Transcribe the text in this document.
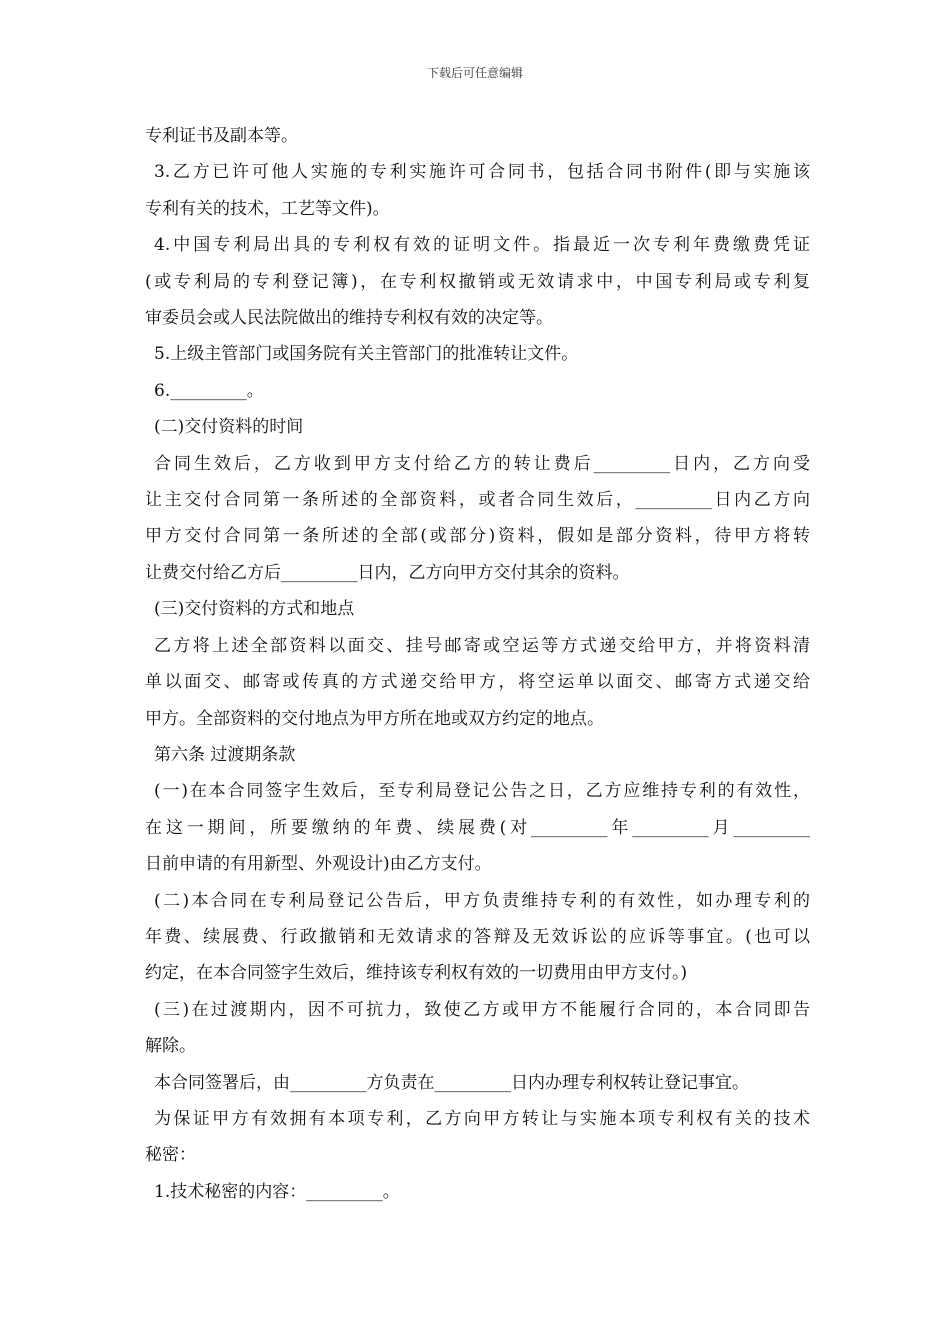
下载后可任意编辑

专利证书及副本等。

3.乙方已许可他人实施的专利实施许可合同书，包括合同书附件(即与实施该

专利有关的技术，工艺等文件)。

4.中国专利局出具的专利权有效的证明文件。指最近一次专利年费缴费凭证

(或专利局的专利登记簿)，在专利权撤销或无效请求中，中国专利局或专利复

审委员会或人民法院做出的维持专利权有效的决定等。

5.上级主管部门或国务院有关主管部门的批准转让文件。

6._________。

(二)交付资料的时间

合同生效后，乙方收到甲方支付给乙方的转让费后_________日内，乙方向受

让主交付合同第一条所述的全部资料，或者合同生效后，_________日内乙方向

甲方交付合同第一条所述的全部(或部分)资料，假如是部分资料，待甲方将转

让费交付给乙方后_________日内，乙方向甲方交付其余的资料。

(三)交付资料的方式和地点

乙方将上述全部资料以面交、挂号邮寄或空运等方式递交给甲方，并将资料清

单以面交、邮寄或传真的方式递交给甲方，将空运单以面交、邮寄方式递交给

甲方。全部资料的交付地点为甲方所在地或双方约定的地点。

第六条 过渡期条款

(一)在本合同签字生效后，至专利局登记公告之日，乙方应维持专利的有效性，

在这一期间，所要缴纳的年费、续展费(对_________年_________月_________

日前申请的有用新型、外观设计)由乙方支付。

(二)本合同在专利局登记公告后，甲方负责维持专利的有效性，如办理专利的

年费、续展费、行政撤销和无效请求的答辩及无效诉讼的应诉等事宜。(也可以

约定，在本合同签字生效后，维持该专利权有效的一切费用由甲方支付。)

(三)在过渡期内，因不可抗力，致使乙方或甲方不能履行合同的，本合同即告

解除。

本合同签署后，由_________方负责在_________日内办理专利权转让登记事宜。

为保证甲方有效拥有本项专利，乙方向甲方转让与实施本项专利权有关的技术

秘密：

1.技术秘密的内容：_________。
